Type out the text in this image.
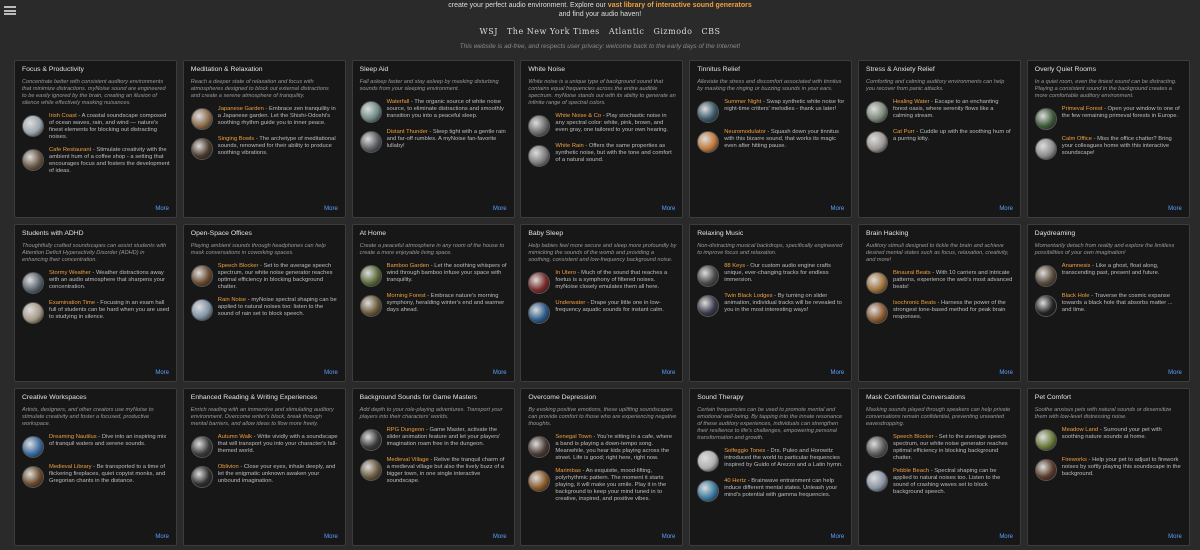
create your perfect audio environment. Explore our vast library of interactive sound generators
and find your audio haven!
WSJ The New York Times Atlantic Gizmodo CBS
This website is ad-free, and respects user privacy: welcome back to the early days of the Internet!
Focus & Productivity
Concentrate better with consistent auditory environments that minimize distractions. myNoise sound are engineered to be easily ignored by the brain, creating an illusion of silence while effectively masking nuisances.
Irish Coast - A coastal soundscape composed of ocean waves, rain, and wind — nature's finest elements for blocking out distracting noises.
Cafe Restaurant - Stimulate creativity with the ambient hum of a coffee shop - a setting that encourages focus and fosters the development of ideas.
More
Meditation & Relaxation
Reach a deeper state of relaxation and focus with atmospheres designed to block out external distractions and create a serene atmosphere of tranquility.
Japanese Garden - Embrace zen tranquility in a Japanese garden. Let the Shishi-Odoshi's soothing rhythm guide you to inner peace.
Singing Bowls - The archetype of meditational sounds, renowned for their ability to produce soothing vibrations.
More
Sleep Aid
Fall asleep faster and stay asleep by masking disturbing sounds from your sleeping environment.
Waterfall - The organic source of white noise source, to eliminate distractions and smoothly transition you into a peaceful sleep.
Distant Thunder - Sleep tight with a gentle rain and far-off rumbles. A myNoise fan-favorite lullaby!
More
White Noise
White noise is a unique type of background sound that contains equal frequencies across the entire audible spectrum. myNoise stands out with its ability to generate an infinite range of spectral colors.
White Noise & Co - Play stochastic noise in any spectral color: white, pink, brown, and even gray, one tailored to your own hearing.
White Rain - Offers the same properties as synthetic noise, but with the tone and comfort of a natural sound.
More
Tinnitus Relief
Alleviate the stress and discomfort associated with tinnitus by masking the ringing or buzzing sounds in your ears.
Summer Night - Swap synthetic white noise for night-time critters' melodies - thank us later!
Neuromodulator - Squash down your tinnitus with this bizarre sound, that works its magic even after hitting pause.
More
Stress & Anxiety Relief
Comforting and calming auditory environments can help you recover from panic attacks.
Healing Water - Escape to an enchanting forest oasis, where serenity flows like a calming stream.
Cat Purr - Cuddle up with the soothing hum of a purring kitty.
More
Overly Quiet Rooms
In a quiet room, even the tiniest sound can be distracting. Playing a consistent sound in the background creates a more comfortable auditory environment.
Primeval Forest - Open your window to one of the few remaining primeval forests in Europe.
Calm Office - Miss the office chatter? Bring your colleagues home with this interactive soundscape!
More
Students with ADHD
Thoughtfully crafted soundscapes can assist students with Attention Deficit Hyperactivity Disorder (ADHD) in enhancing their concentration.
Stormy Weather - Weather distractions away with an audio atmosphere that sharpens your concentration.
Examination Time - Focusing in an exam hall full of students can be hard when you are used to studying in silence.
More
Open-Space Offices
Playing ambient sounds through headphones can help mask conversations in coworking spaces.
Speech Blocker - Set to the average speech spectrum, our white noise generator reaches optimal efficiency in blocking background chatter.
Rain Noise - myNoise spectral shaping can be applied to natural noises too: listen to the sound of rain set to block speech.
More
At Home
Create a peaceful atmosphere in any room of the house to create a more enjoyable living space.
Bamboo Garden - Let the soothing whispers of wind through bamboo infuse your space with tranquility.
Morning Forest - Embrace nature's morning symphony, heralding winter's end and warmer days ahead.
More
Baby Sleep
Help babies feel more secure and sleep more profoundly by mimicking the sounds of the womb and providing a soothing, consistent and low-frequency background noise.
In Utero - Much of the sound that reaches a foetus is a symphony of filtered noises. myNoise closely emulates them all here.
Underwater - Drape your little one in low-frequency aquatic sounds for instant calm.
More
Relaxing Music
Non-distracting musical backdrops, specifically engineered to improve focus and relaxation.
88 Keys - Our custom audio engine crafts unique, ever-changing tracks for endless immersion.
Twin Black Lodges - By turning on slider animation, individual tracks will be revealed to you in the most interesting ways!
More
Brain Hacking
Auditory stimuli designed to tickle the brain and achieve desired mental states such as focus, relaxation, creativity, and more!
Binaural Beats - With 10 carriers and intricate patterns, experience the web's most advanced beats!
Isochronic Beats - Harness the power of the strongest tone-based method for peak brain responses.
More
Daydreaming
Momentarily detach from reality and explore the limitless possibilities of your own imagination!
Anamnesis - Like a ghost, float along, transcending past, present and future.
Black Hole - Traverse the cosmic expanse towards a black hole that absorbs matter ... and time.
More
Creative Workspaces
Artists, designers, and other creators use myNoise to stimulate creativity and foster a focused, productive workspace.
Dreaming Nautilus - Dive into an inspiring mix of tranquil waters and serene sounds.
Medieval Library - Be transported to a time of flickering fireplaces, quiet copyist monks, and Gregorian chants in the distance.
More
Enhanced Reading & Writing Experiences
Enrich reading with an immersive and stimulating auditory environment. Overcome writer's block, break through mental barriers, and allow ideas to flow more freely.
Autumn Walk - Write vividly with a soundscape that will transport you into your character's fall-themed world.
Oblivion - Close your eyes, inhale deeply, and let the enigmatic unknown awaken your unbound imagination.
More
Background Sounds for Game Masters
Add depth to your role-playing adventures. Transport your players into their characters' worlds.
RPG Dungeon - Game Master, activate the slider animation feature and let your players' imagination roam free in the dungeon.
Medieval Village - Relive the tranquil charm of a medieval village but also the lively buzz of a bigger town, in one single interactive soundscape.
More
Overcome Depression
By evoking positive emotions, these uplifting soundscapes can provide comfort to those who are experiencing negative thoughts.
Senegal Town - You're sitting in a cafe, where a band is playing a down-tempo song. Meanwhile, you hear kids playing across the street. Life is good; right here, right now.
Marimbas - An exquisite, mood-lifting, polyrhythmic pattern. The moment it starts playing, it will make you smile. Play it in the background to keep your mind tuned in to creative, inspired, and positive vibes.
More
Sound Therapy
Certain frequencies can be used to promote mental and emotional well-being. By tapping into the innate resonance of these auditory experiences, individuals can strengthen their resilience to life's challenges, empowering personal transformation and growth.
Solfeggio Tones - Drs. Puleo and Horowitz introduced the world to particular frequencies inspired by Guido of Arezzo and a Latin hymn.
40 Hertz - Brainwave entrainment can help induce different mental states. Unleash your mind's potential with gamma frequencies.
More
Mask Confidential Conversations
Masking sounds played through speakers can help private conversations remain confidential, preventing unwanted eavesdropping.
Speech Blocker - Set to the average speech spectrum, our white noise generator reaches optimal efficiency in blocking background chatter.
Pebble Beach - Spectral shaping can be applied to natural noises too. Listen to the sound of crashing waves set to block background speech.
More
Pet Comfort
Soothe anxious pets with natural sounds or desensitize them with low-level distressing noise.
Meadow Land - Surround your pet with soothing nature sounds at home.
Fireworks - Help your pet to adjust to firework noises by softly playing this soundscape in the background.
More
